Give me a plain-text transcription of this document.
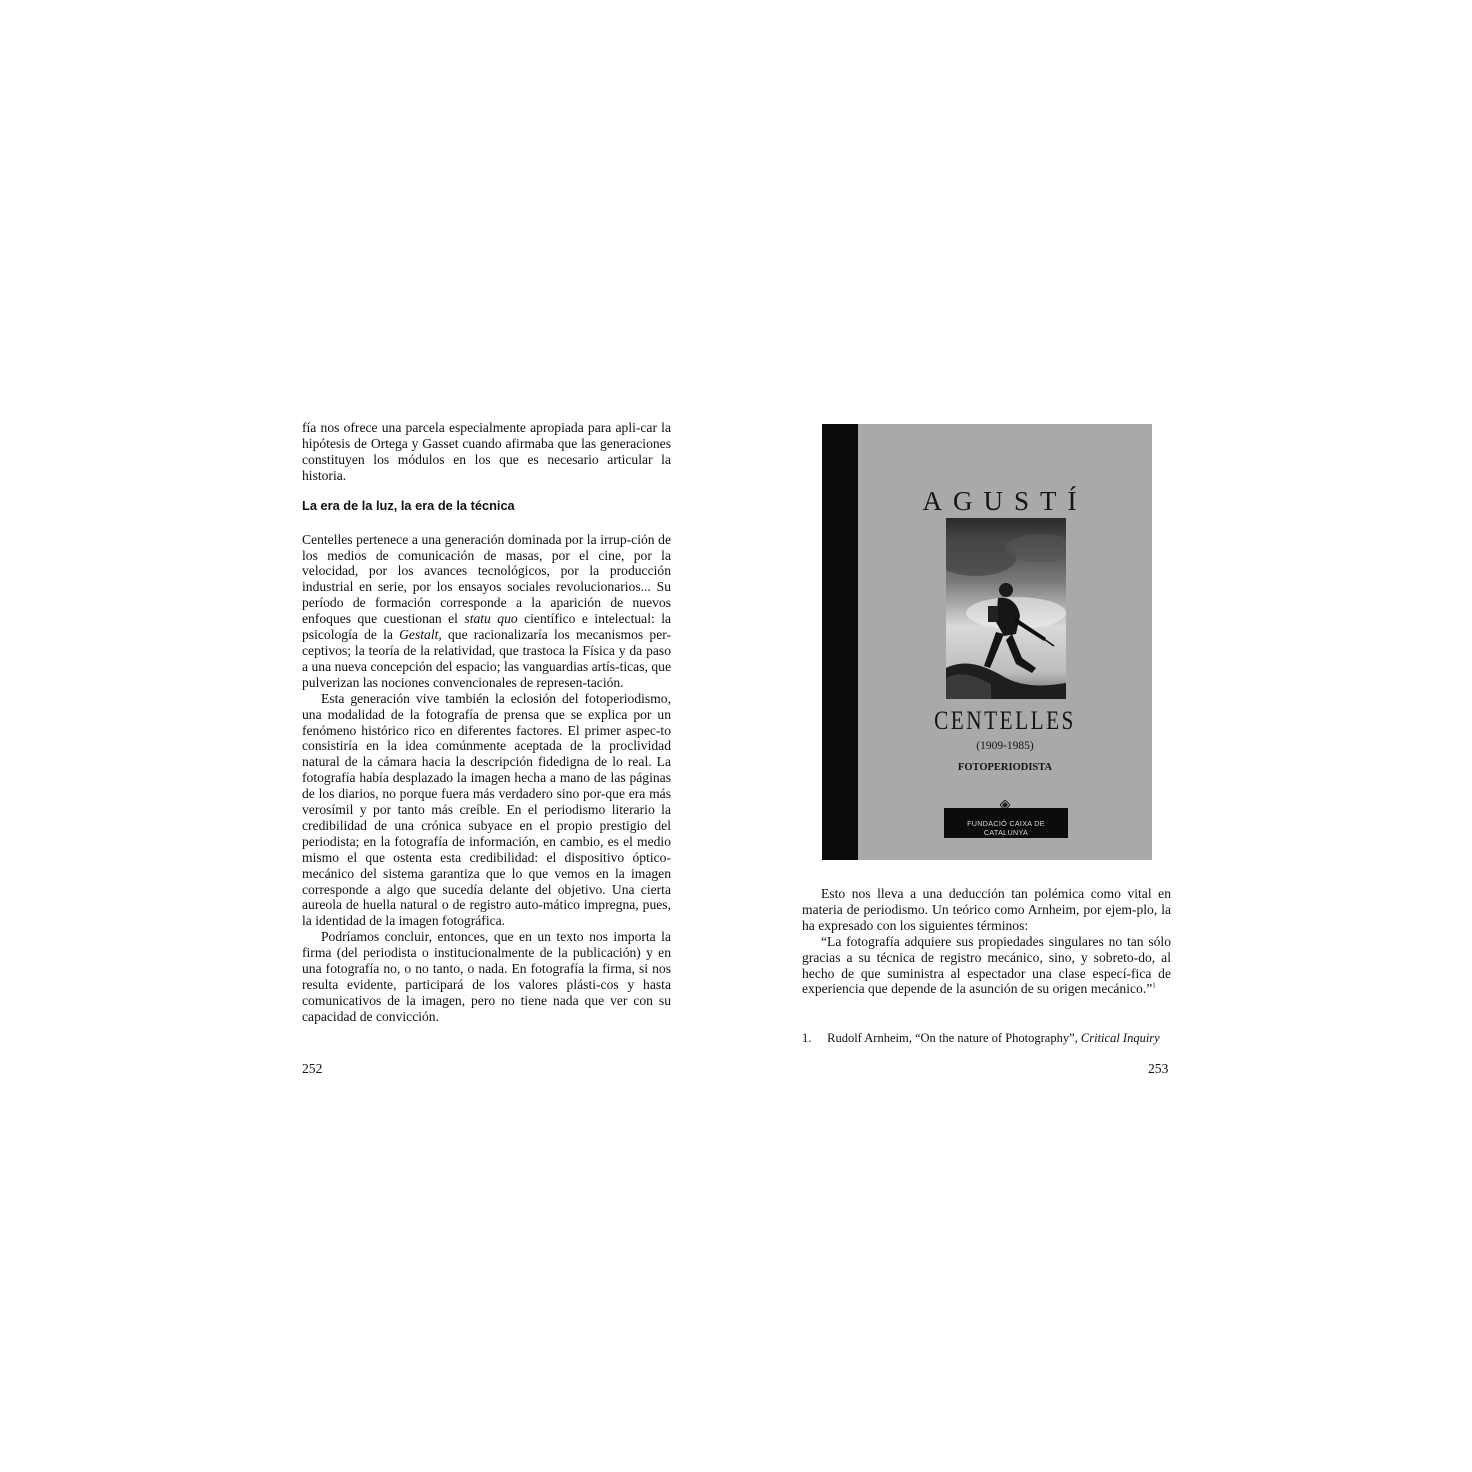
fía nos ofrece una parcela especialmente apropiada para apli-car la hipótesis de Ortega y Gasset cuando afirmaba que las generaciones constituyen los módulos en los que es necesario articular la historia.

La era de la luz, la era de la técnica

Centelles pertenece a una generación dominada por la irrup-ción de los medios de comunicación de masas, por el cine, por la velocidad, por los avances tecnológicos, por la producción industrial en serie, por los ensayos sociales revolucionarios... Su período de formación corresponde a la aparición de nuevos enfoques que cuestionan el statu quo científico e intelectual: la psicología de la Gestalt, que racionalizaría los mecanismos per-ceptivos; la teoría de la relatividad, que trastoca la Física y da paso a una nueva concepción del espacio; las vanguardias artís-ticas, que pulverizan las nociones convencionales de represen-tación.

Esta generación vive también la eclosión del fotoperiodismo, una modalidad de la fotografía de prensa que se explica por un fenómeno histórico rico en diferentes factores. El primer aspec-to consistiría en la idea comúnmente aceptada de la proclividad natural de la cámara hacia la descripción fidedigna de lo real. La fotografía había desplazado la imagen hecha a mano de las páginas de los diarios, no porque fuera más verdadero sino por-que era más verosímil y por tanto más creíble. En el periodismo literario la credibilidad de una crónica subyace en el propio prestigio del periodista; en la fotografía de información, en cambio, es el medio mismo el que ostenta esta credibilidad: el dispositivo óptico-mecánico del sistema garantiza que lo que vemos en la imagen corresponde a algo que sucedía delante del objetivo. Una cierta aureola de huella natural o de registro auto-mático impregna, pues, la identidad de la imagen fotográfica.

Podríamos concluir, entonces, que en un texto nos importa la firma (del periodista o institucionalmente de la publicación) y en una fotografía no, o no tanto, o nada. En fotografía la firma, si nos resulta evidente, participará de los valores plásti-cos y hasta comunicativos de la imagen, pero no tiene nada que ver con su capacidad de convicción.

252
AGUSTÍ
CENTELLES
(1909-1985)
FOTOPERIODISTA
FUNDACIÓ CAIXA DE CATALUNYA

Esto nos lleva a una deducción tan polémica como vital en materia de periodismo. Un teórico como Arnheim, por ejem-plo, la ha expresado con los siguientes términos:

“La fotografía adquiere sus propiedades singulares no tan sólo gracias a su técnica de registro mecánico, sino, y sobreto-do, al hecho de que suministra al espectador una clase especí-fica de experiencia que depende de la asunción de su origen mecánico.”$^1$

1. Rudolf Arnheim, “On the nature of Photography”, Critical Inquiry
253
